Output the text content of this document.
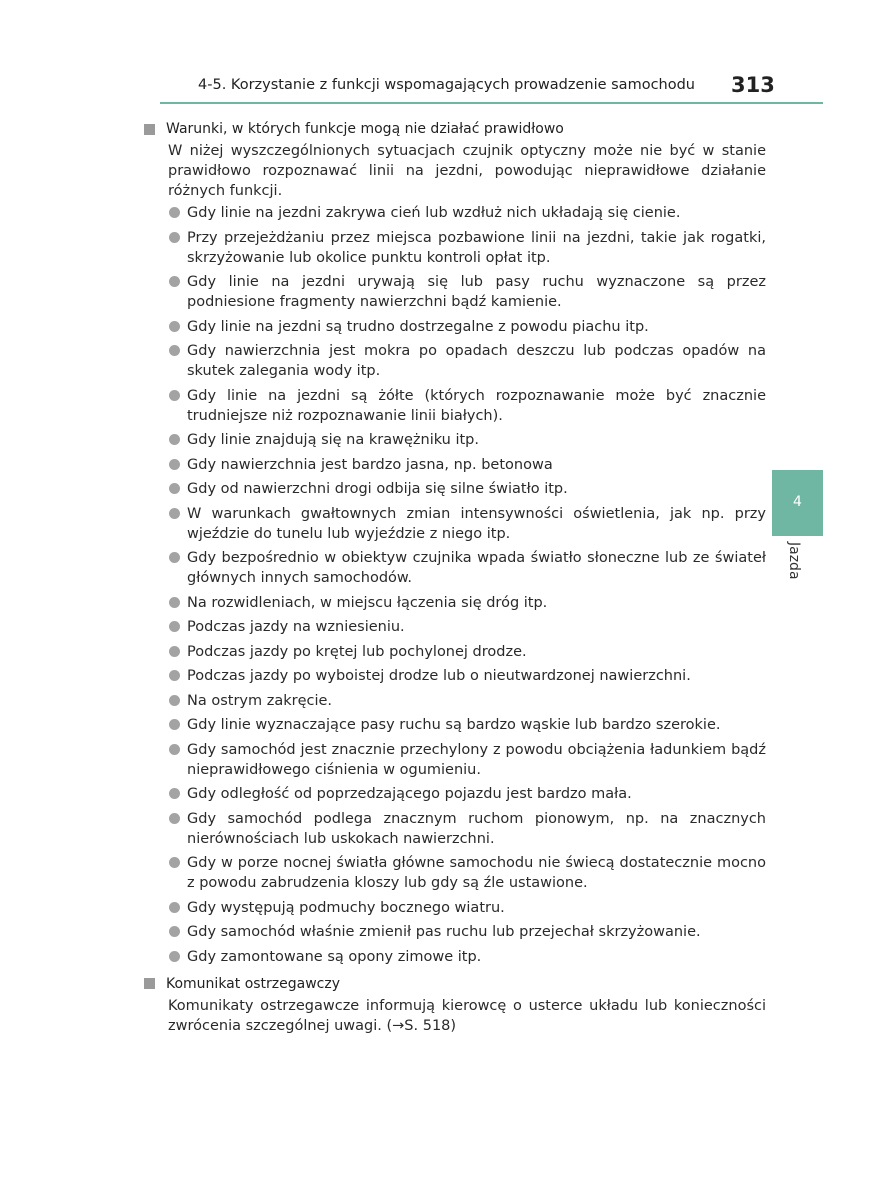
4-5. Korzystanie z funkcji wspomagających prowadzenie samochodu 313
4
Jazda
Warunki, w których funkcje mogą nie działać prawidłowo
W niżej wyszczególnionych sytuacjach czujnik optyczny może nie być w stanie prawidłowo rozpoznawać linii na jezdni, powodując nieprawidłowe działanie różnych funkcji.
Gdy linie na jezdni zakrywa cień lub wzdłuż nich układają się cienie.
Przy przejeżdżaniu przez miejsca pozbawione linii na jezdni, takie jak rogatki, skrzyżowanie lub okolice punktu kontroli opłat itp.
Gdy linie na jezdni urywają się lub pasy ruchu wyznaczone są przez podniesione fragmenty nawierzchni bądź kamienie.
Gdy linie na jezdni są trudno dostrzegalne z powodu piachu itp.
Gdy nawierzchnia jest mokra po opadach deszczu lub podczas opadów na skutek zalegania wody itp.
Gdy linie na jezdni są żółte (których rozpoznawanie może być znacznie trudniejsze niż rozpoznawanie linii białych).
Gdy linie znajdują się na krawężniku itp.
Gdy nawierzchnia jest bardzo jasna, np. betonowa
Gdy od nawierzchni drogi odbija się silne światło itp.
W warunkach gwałtownych zmian intensywności oświetlenia, jak np. przy wjeździe do tunelu lub wyjeździe z niego itp.
Gdy bezpośrednio w obiektyw czujnika wpada światło słoneczne lub ze świateł głównych innych samochodów.
Na rozwidleniach, w miejscu łączenia się dróg itp.
Podczas jazdy na wzniesieniu.
Podczas jazdy po krętej lub pochylonej drodze.
Podczas jazdy po wyboistej drodze lub o nieutwardzonej nawierzchni.
Na ostrym zakręcie.
Gdy linie wyznaczające pasy ruchu są bardzo wąskie lub bardzo szerokie.
Gdy samochód jest znacznie przechylony z powodu obciążenia ładunkiem bądź nieprawidłowego ciśnienia w ogumieniu.
Gdy odległość od poprzedzającego pojazdu jest bardzo mała.
Gdy samochód podlega znacznym ruchom pionowym, np. na znacznych nierównościach lub uskokach nawierzchni.
Gdy w porze nocnej światła główne samochodu nie świecą dostatecznie mocno z powodu zabrudzenia kloszy lub gdy są źle ustawione.
Gdy występują podmuchy bocznego wiatru.
Gdy samochód właśnie zmienił pas ruchu lub przejechał skrzyżowanie.
Gdy zamontowane są opony zimowe itp.
Komunikat ostrzegawczy
Komunikaty ostrzegawcze informują kierowcę o usterce układu lub konieczności zwrócenia szczególnej uwagi. (→S. 518)
